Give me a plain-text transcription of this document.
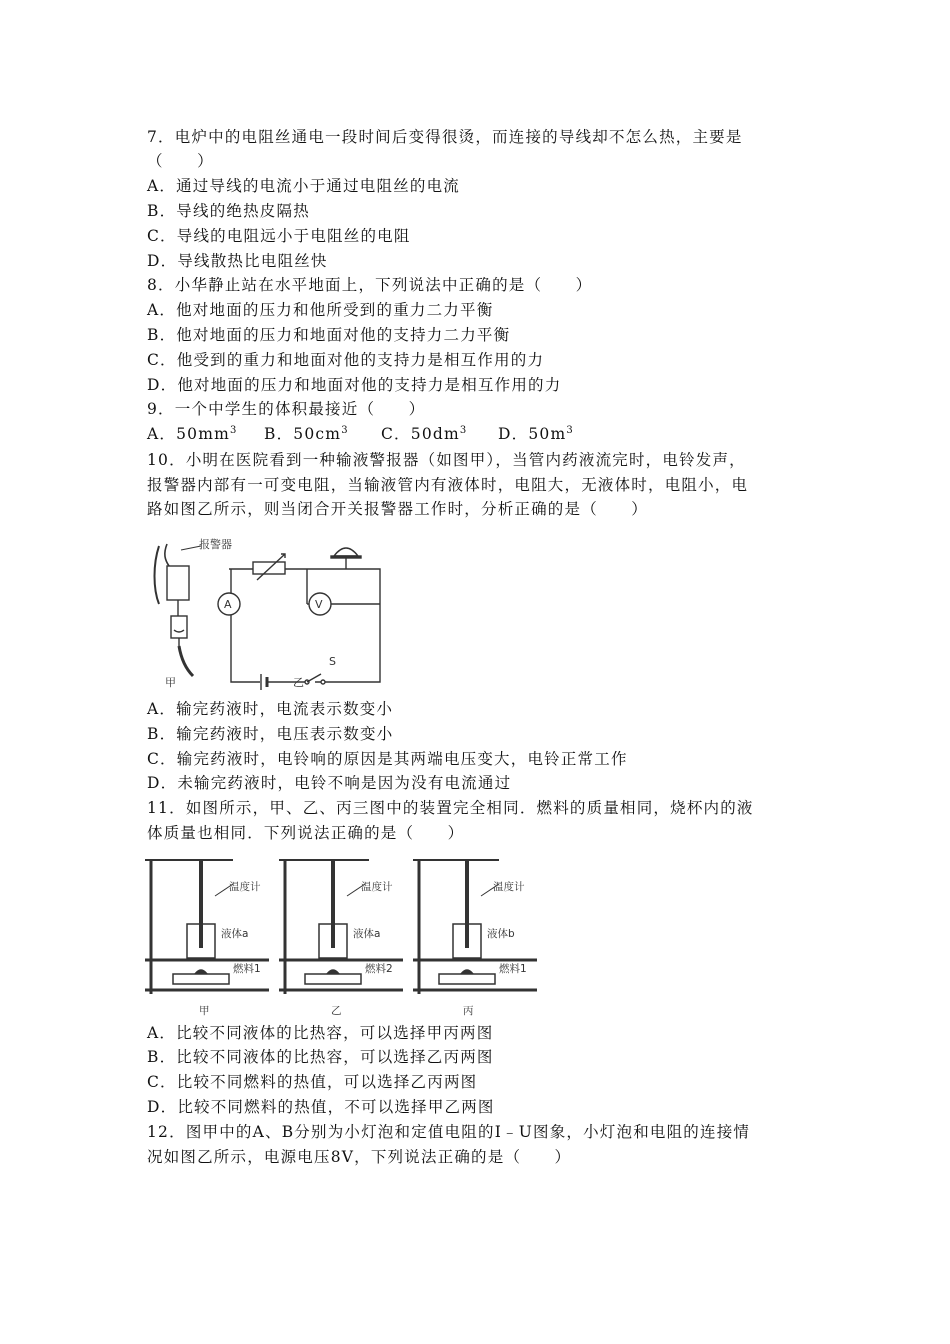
7．电炉中的电阻丝通电一段时间后变得很烫，而连接的导线却不怎么热，主要是
（　　）
A．通过导线的电流小于通过电阻丝的电流
B．导线的绝热皮隔热
C．导线的电阻远小于电阻丝的电阻
D．导线散热比电阻丝快
8．小华静止站在水平地面上，下列说法中正确的是（　　）
A．他对地面的压力和他所受到的重力二力平衡
B．他对地面的压力和地面对他的支持力二力平衡
C．他受到的重力和地面对他的支持力是相互作用的力
D．他对地面的压力和地面对他的支持力是相互作用的力
9．一个中学生的体积最接近（　　）
A．$50mm^3$ B．$50cm^3$ C．$50dm^3$ D．$50m^3$
10．小明在医院看到一种输液警报器（如图甲），当管内药液流完时，电铃发声，
报警器内部有一可变电阻，当输液管内有液体时，电阻大，无液体时，电阻小，电
路如图乙所示，则当闭合开关报警器工作时，分析正确的是（　　）
报警器
A	V
S
甲	乙
A．输完药液时，电流表示数变小
B．输完药液时，电压表示数变小
C．输完药液时，电铃响的原因是其两端电压变大，电铃正常工作
D．未输完药液时，电铃不响是因为没有电流通过
11．如图所示，甲、乙、丙三图中的装置完全相同．燃料的质量相同，烧杯内的液
体质量也相同．下列说法正确的是（　　）
温度计
液体a
燃料1
甲
温度计
液体a
燃料2
乙
温度计
液体b
燃料1
丙
A．比较不同液体的比热容，可以选择甲丙两图
B．比较不同液体的比热容，可以选择乙丙两图
C．比较不同燃料的热值，可以选择乙丙两图
D．比较不同燃料的热值，不可以选择甲乙两图
12．图甲中的A、B分别为小灯泡和定值电阻的I﹣U图象，小灯泡和电阻的连接情
况如图乙所示，电源电压8V，下列说法正确的是（　　）
